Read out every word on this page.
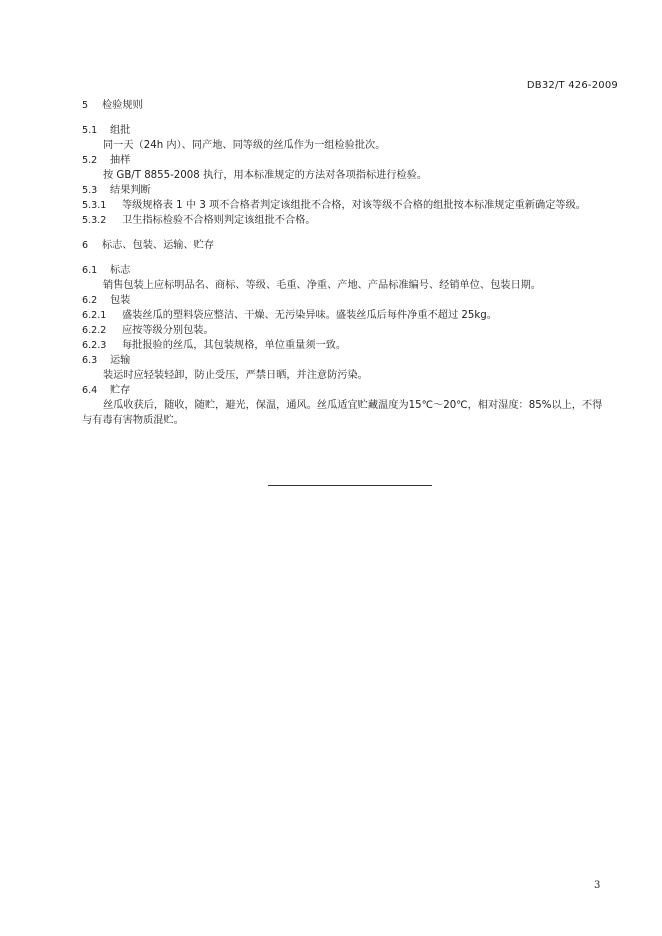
DB32/T 426-2009
5 检验规则
5.1 组批
同一天（24h 内）、同产地、同等级的丝瓜作为一组检验批次。
5.2 抽样
按 GB/T 8855-2008 执行，用本标准规定的方法对各项指标进行检验。
5.3 结果判断
5.3.1	等级规格表 1 中 3 项不合格者判定该组批不合格，对该等级不合格的组批按本标准规定重新确定等级。
5.3.2 卫生指标检验不合格则判定该组批不合格。
6 标志、包装、运输、贮存
6.1 标志
销售包装上应标明品名、商标、等级、毛重、净重、产地、产品标准编号、经销单位、包装日期。
6.2 包装
6.2.1 盛装丝瓜的塑料袋应整洁、干燥、无污染异味。盛装丝瓜后每件净重不超过 25kg。
6.2.2 应按等级分别包装。
6.2.3 每批报验的丝瓜，其包装规格，单位重量须一致。
6.3 运输
装运时应轻装轻卸，防止受压，严禁日晒，并注意防污染。
6.4 贮存
丝瓜收获后，随收，随贮，避光，保温，通风。丝瓜适宜贮藏温度为15℃～20℃，相对湿度：85%以上，不得与有毒有害物质混贮。
3
